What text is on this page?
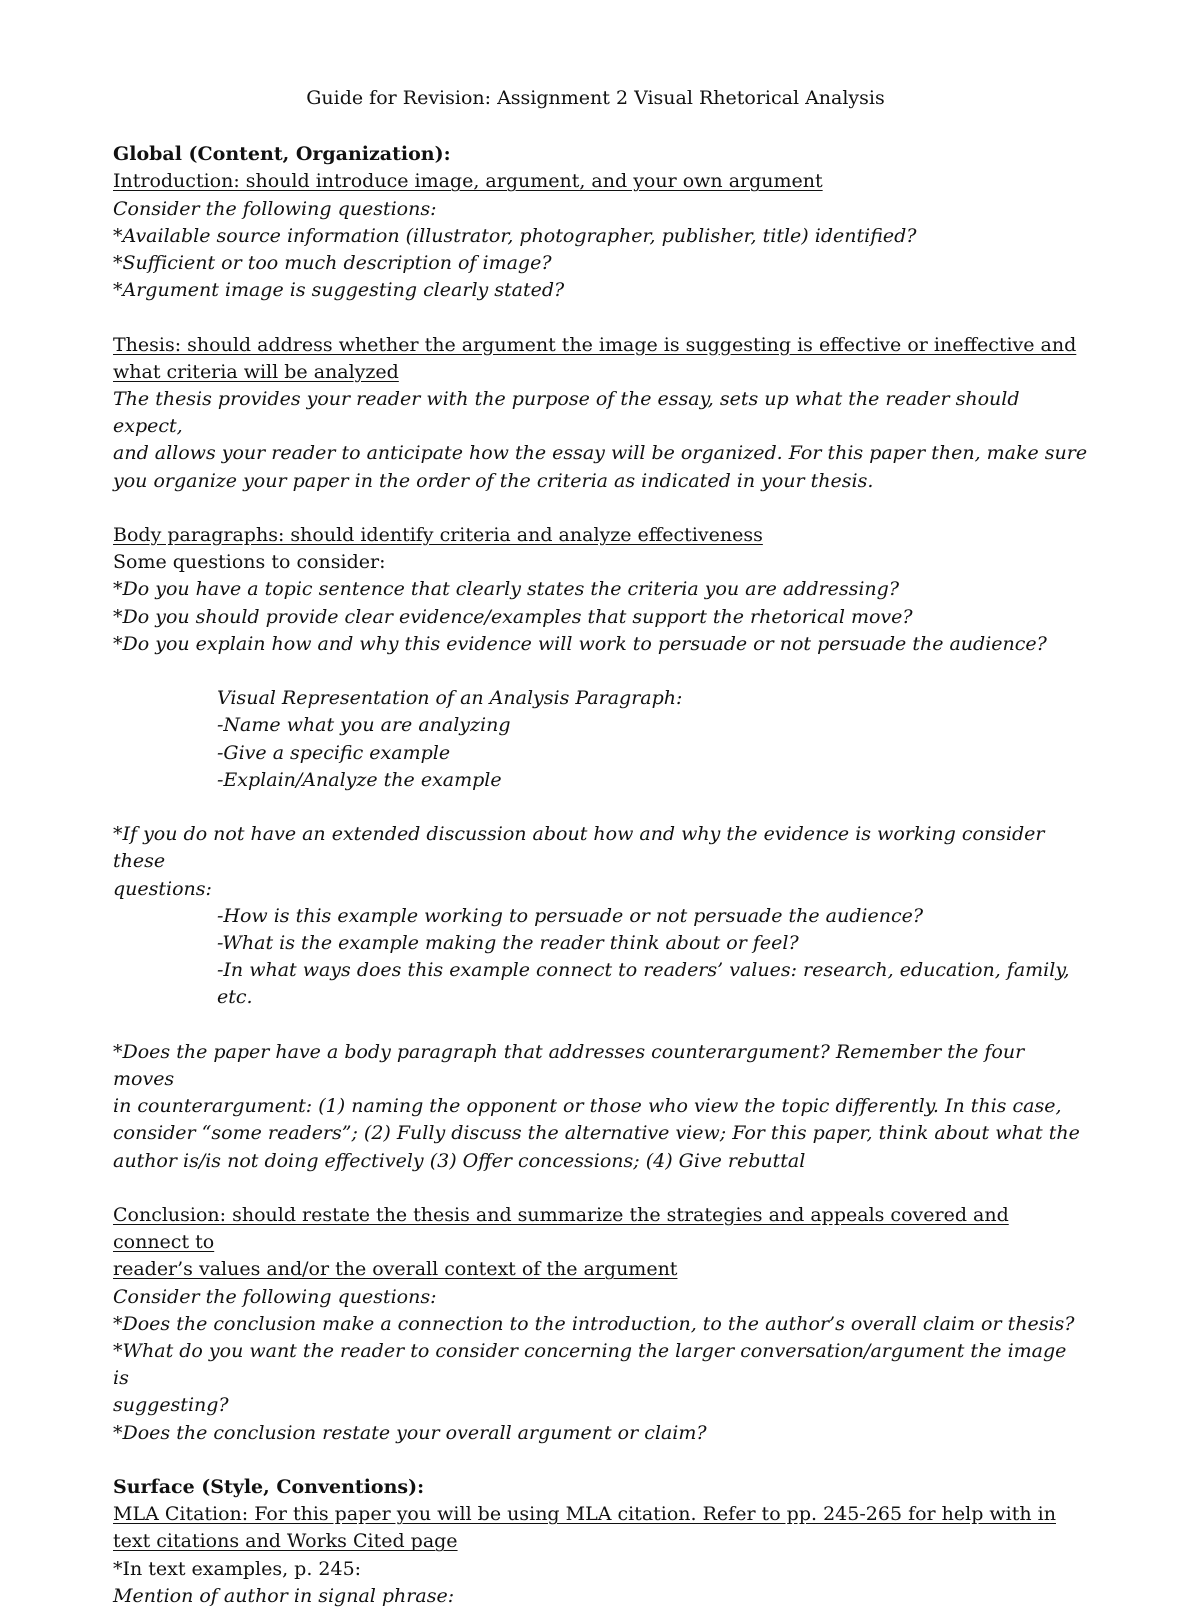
Guide for Revision: Assignment 2 Visual Rhetorical Analysis

Global (Content, Organization):

Introduction: should introduce image, argument, and your own argument

Consider the following questions:

*Available source information (illustrator, photographer, publisher, title) identified?

*Sufficient or too much description of image?

*Argument image is suggesting clearly stated?

Thesis: should address whether the argument the image is suggesting is effective or ineffective and

what criteria will be analyzed

The thesis provides your reader with the purpose of the essay, sets up what the reader should expect,

and allows your reader to anticipate how the essay will be organized. For this paper then, make sure

you organize your paper in the order of the criteria as indicated in your thesis.

Body paragraphs: should identify criteria and analyze effectiveness

Some questions to consider:

*Do you have a topic sentence that clearly states the criteria you are addressing?

*Do you should provide clear evidence/examples that support the rhetorical move?

*Do you explain how and why this evidence will work to persuade or not persuade the audience?

Visual Representation of an Analysis Paragraph:

-Name what you are analyzing

-Give a specific example

-Explain/Analyze the example

*If you do not have an extended discussion about how and why the evidence is working consider these

questions:

-How is this example working to persuade or not persuade the audience?

-What is the example making the reader think about or feel?

-In what ways does this example connect to readers’ values: research, education, family,

etc.

*Does the paper have a body paragraph that addresses counterargument? Remember the four moves

in counterargument: (1) naming the opponent or those who view the topic differently. In this case,

consider “some readers”; (2) Fully discuss the alternative view; For this paper, think about what the

author is/is not doing effectively (3) Offer concessions; (4) Give rebuttal

Conclusion: should restate the thesis and summarize the strategies and appeals covered and connect to

reader’s values and/or the overall context of the argument

Consider the following questions:

*Does the conclusion make a connection to the introduction, to the author’s overall claim or thesis?

*What do you want the reader to consider concerning the larger conversation/argument the image is

suggesting?

*Does the conclusion restate your overall argument or claim?

Surface (Style, Conventions):

MLA Citation: For this paper you will be using MLA citation. Refer to pp. 245-265 for help with in

text citations and Works Cited page

*In text examples, p. 245:

Mention of author in signal phrase:
